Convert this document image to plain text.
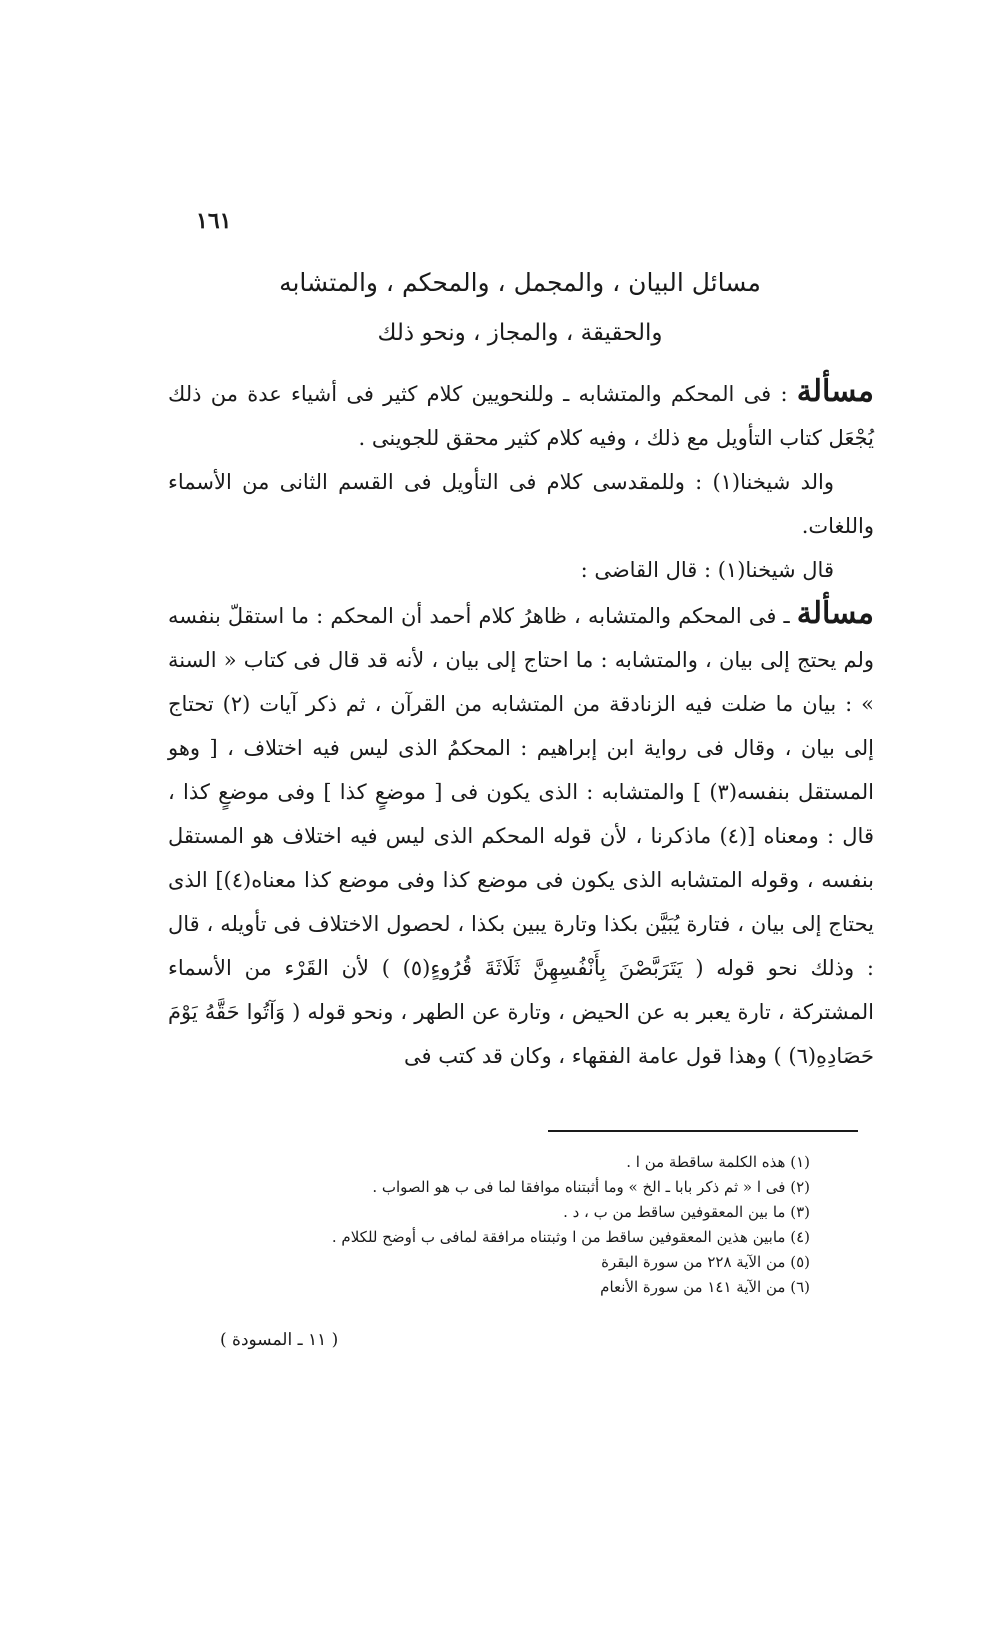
١٦١
مسائل البيان ، والمجمل ، والمحكم ، والمتشابه
والحقيقة ، والمجاز ، ونحو ذلك

مسألة : فى المحكم والمتشابه ـ وللنحويين كلام كثير فى أشياء عدة من ذلك يُجْعَل كتاب التأويل مع ذلك ، وفيه كلام كثير محقق للجوينى .

والد شيخنا(١) : وللمقدسى كلام فى التأويل فى القسم الثانى من الأسماء واللغات.

قال شيخنا(١) : قال القاضى :

مسألة ـ فى المحكم والمتشابه ، ظاهرُ كلام أحمد أن المحكم : ما استقلّ بنفسه ولم يحتج إلى بيان ، والمتشابه : ما احتاج إلى بيان ، لأنه قد قال فى كتاب « السنة » : بيان ما ضلت فيه الزنادقة من المتشابه من القرآن ، ثم ذكر آيات (٢) تحتاج إلى بيان ، وقال فى رواية ابن إبراهيم : المحكمُ الذى ليس فيه اختلاف ، [ وهو المستقل بنفسه(٣) ] والمتشابه : الذى يكون فى [ موضعٍ كذا ] وفى موضعٍ كذا ، قال : ومعناه [(٤) ماذكرنا ، لأن قوله المحكم الذى ليس فيه اختلاف هو المستقل بنفسه ، وقوله المتشابه الذى يكون فى موضع كذا وفى موضع كذا معناه(٤)] الذى يحتاج إلى بيان ، فتارة يُبَيَّن بكذا وتارة يبين بكذا ، لحصول الاختلاف فى تأويله ، قال : وذلك نحو قوله ( يَتَرَبَّصْنَ بِأَنْفُسِهِنَّ ثَلَاثَةَ قُرُوءٍ(٥) ) لأن القَرْء من الأسماء المشتركة ، تارة يعبر به عن الحيض ، وتارة عن الطهر ، ونحو قوله ( وَآتُوا حَقَّهُ يَوْمَ حَصَادِهِ(٦) ) وهذا قول عامة الفقهاء ، وكان قد كتب فى

(١) هذه الكلمة ساقطة من ا .

(٢) فى ا « ثم ذكر بابا ـ الخ » وما أثبتناه موافقا لما فى ب هو الصواب .

(٣) ما بين المعقوفين ساقط من ب ، د .

(٤) مابين هذين المعقوفين ساقط من ا وثبتناه مرافقة لمافى ب أوضح للكلام .

(٥) من الآية ٢٢٨ من سورة البقرة

(٦) من الآية ١٤١ من سورة الأنعام

( ١١ ـ المسودة )
